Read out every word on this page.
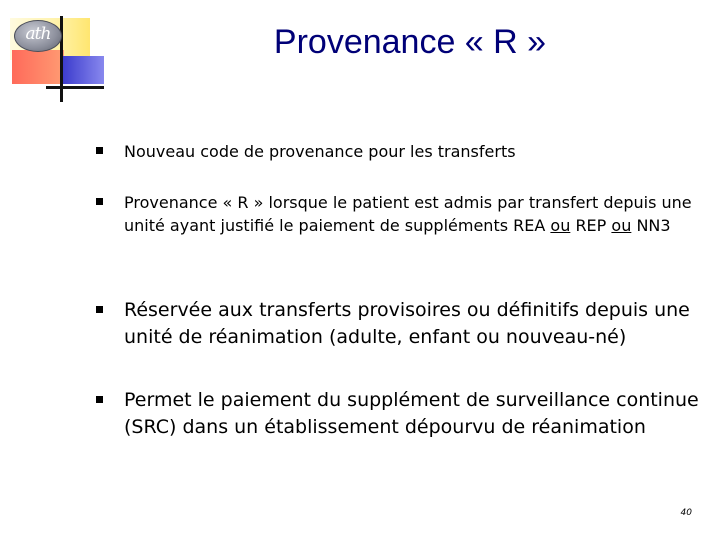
ath	Provenance « R »
Nouveau code de provenance pour les transferts
Provenance « R » lorsque le patient est admis par transfert depuis une unité ayant justifié le paiement de suppléments REA ou REP ou NN3
Réservée aux transferts provisoires ou définitifs depuis une unité de réanimation (adulte, enfant ou nouveau-né)
Permet le paiement du supplément de surveillance continue (SRC) dans un établissement dépourvu de réanimation
40
